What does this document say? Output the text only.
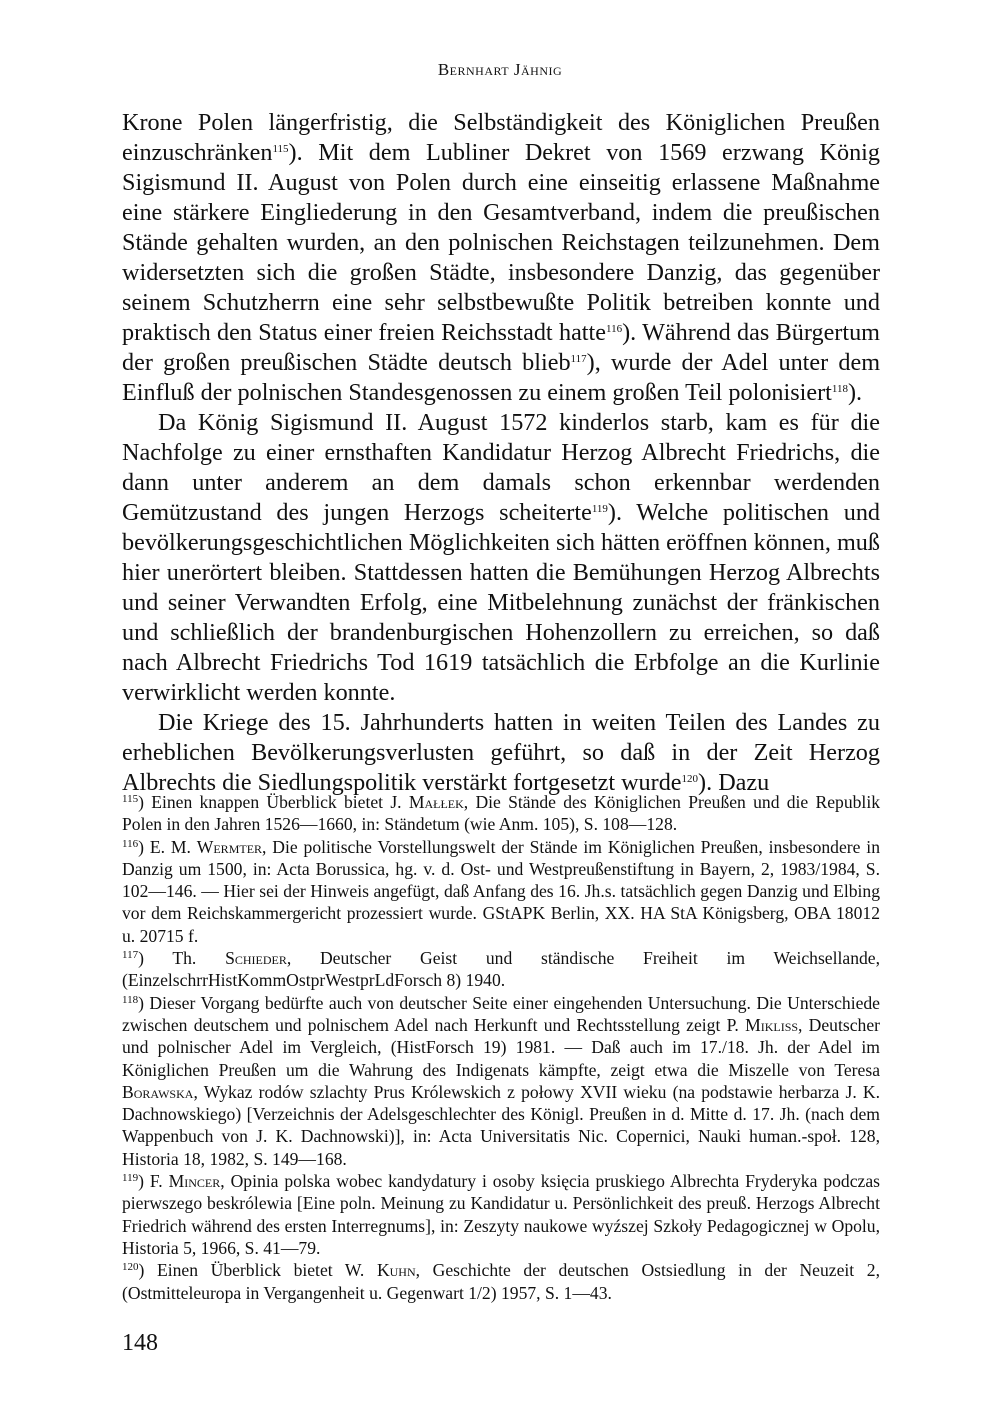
Bernhart Jähnig

Krone Polen längerfristig, die Selbständigkeit des Königlichen Preußen einzuschränken$^{115}$). Mit dem Lubliner Dekret von 1569 erzwang König Sigismund II. August von Polen durch eine einseitig erlassene Maßnahme eine stärkere Eingliederung in den Gesamtverband, indem die preußischen Stände gehalten wurden, an den polnischen Reichstagen teilzunehmen. Dem widersetzten sich die großen Städte, insbesondere Danzig, das gegenüber seinem Schutzherrn eine sehr selbstbewußte Politik betreiben konnte und praktisch den Status einer freien Reichsstadt hatte$^{116}$). Während das Bürgertum der großen preußischen Städte deutsch blieb$^{117}$), wurde der Adel unter dem Einfluß der polnischen Standesgenossen zu einem großen Teil polonisiert$^{118}$).

Da König Sigismund II. August 1572 kinderlos starb, kam es für die Nachfolge zu einer ernsthaften Kandidatur Herzog Albrecht Friedrichs, die dann unter anderem an dem damals schon erkennbar werdenden Gemützustand des jungen Herzogs scheiterte$^{119}$). Welche politischen und bevölkerungsgeschichtlichen Möglichkeiten sich hätten eröffnen können, muß hier unerörtert bleiben. Stattdessen hatten die Bemühungen Herzog Albrechts und seiner Verwandten Erfolg, eine Mitbelehnung zunächst der fränkischen und schließlich der brandenburgischen Hohenzollern zu erreichen, so daß nach Albrecht Friedrichs Tod 1619 tatsächlich die Erbfolge an die Kurlinie verwirklicht werden konnte.

Die Kriege des 15. Jahrhunderts hatten in weiten Teilen des Landes zu erheblichen Bevölkerungsverlusten geführt, so daß in der Zeit Herzog Albrechts die Siedlungspolitik verstärkt fortgesetzt wurde$^{120}$). Dazu

$^{115}$) Einen knappen Überblick bietet J. Małłek, Die Stände des Königlichen Preußen und die Republik Polen in den Jahren 1526—1660, in: Ständetum (wie Anm. 105), S. 108—128.

$^{116}$) E. M. Wermter, Die politische Vorstellungswelt der Stände im Königlichen Preußen, insbesondere in Danzig um 1500, in: Acta Borussica, hg. v. d. Ost- und Westpreußenstiftung in Bayern, 2, 1983/1984, S. 102—146. — Hier sei der Hinweis angefügt, daß Anfang des 16. Jh.s. tatsächlich gegen Danzig und Elbing vor dem Reichskammergericht prozessiert wurde. GStAPK Berlin, XX. HA StA Königsberg, OBA 18012 u. 20715 f.

$^{117}$) Th. Schieder, Deutscher Geist und ständische Freiheit im Weichsellande, (EinzelschrrHistKommOstprWestprLdForsch 8) 1940.

$^{118}$) Dieser Vorgang bedürfte auch von deutscher Seite einer eingehenden Untersuchung. Die Unterschiede zwischen deutschem und polnischem Adel nach Herkunft und Rechtsstellung zeigt P. Mikliss, Deutscher und polnischer Adel im Vergleich, (HistForsch 19) 1981. — Daß auch im 17./18. Jh. der Adel im Königlichen Preußen um die Wahrung des Indigenats kämpfte, zeigt etwa die Miszelle von Teresa Borawska, Wykaz rodów szlachty Prus Królewskich z połowy XVII wieku (na podstawie herbarza J. K. Dachnowskiego) [Verzeichnis der Adelsgeschlechter des Königl. Preußen in d. Mitte d. 17. Jh. (nach dem Wappenbuch von J. K. Dachnowski)], in: Acta Universitatis Nic. Copernici, Nauki human.-społ. 128, Historia 18, 1982, S. 149—168.

$^{119}$) F. Mincer, Opinia polska wobec kandydatury i osoby księcia pruskiego Albrechta Fryderyka podczas pierwszego beskrólewia [Eine poln. Meinung zu Kandidatur u. Persönlichkeit des preuß. Herzogs Albrecht Friedrich während des ersten Interregnums], in: Zeszyty naukowe wyźszej Szkoły Pedagogicznej w Opolu, Historia 5, 1966, S. 41—79.

$^{120}$) Einen Überblick bietet W. Kuhn, Geschichte der deutschen Ostsiedlung in der Neuzeit 2, (Ostmitteleuropa in Vergangenheit u. Gegenwart 1/2) 1957, S. 1—43.

148
